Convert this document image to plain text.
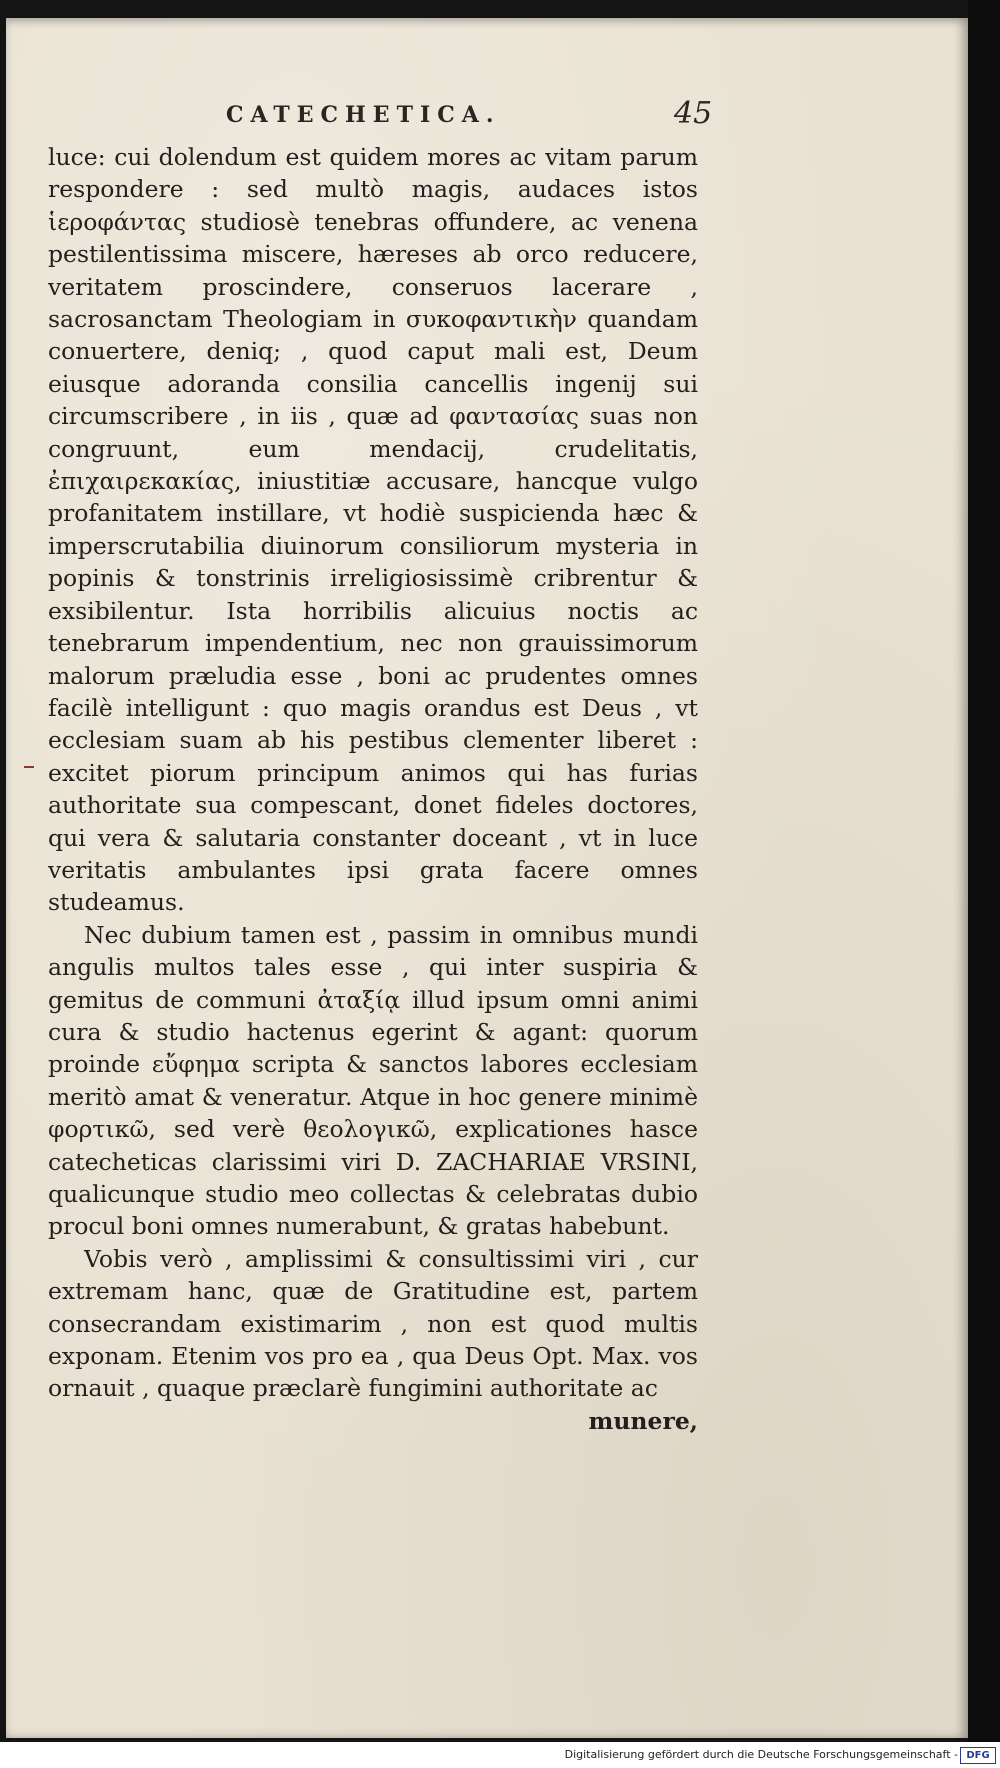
CATECHETICA.	45

luce: cui dolendum est quidem mores ac vitam parum respondere : sed multò magis, audaces istos ἱεροφάντας studiosè tenebras offundere, ac venena pestilentissima miscere, hæreses ab orco reducere, veritatem proscindere, conseruos lacerare , sacrosanctam Theologiam in συκοφαντικὴν quandam conuertere, deniq; , quod caput mali est, Deum eiusque adoranda consilia cancellis ingenij sui circumscribere , in iis , quæ ad φαντασίας suas non congruunt, eum mendacij, crudelitatis, ἐπιχαιρεκακίας, iniustitiæ accusare, hancque vulgo profanitatem instillare, vt hodiè suspicienda hæc & imperscrutabilia diuinorum consiliorum mysteria in popinis & tonstrinis irreligiosissimè cribrentur & exsibilentur. Ista horribilis alicuius noctis ac tenebrarum impendentium, nec non grauissimorum malorum præludia esse , boni ac prudentes omnes facilè intelligunt : quo magis orandus est Deus , vt ecclesiam suam ab his pestibus clementer liberet : excitet piorum principum animos qui has furias authoritate sua compescant, donet fideles doctores, qui vera & salutaria constanter doceant , vt in luce veritatis ambulantes ipsi grata facere omnes studeamus.

Nec dubium tamen est , passim in omnibus mundi angulis multos tales esse , qui inter suspiria & gemitus de communi ἀταξίᾳ illud ipsum omni animi cura & studio hactenus egerint & agant: quorum proinde εὔφημα scripta & sanctos labores ecclesiam meritò amat & veneratur. Atque in hoc genere minimè φορτικῶ, sed verè θεολογικῶ, explicationes hasce catecheticas clarissimi viri D. ZACHARIAE VRSINI, qualicunque studio meo collectas & celebratas dubio procul boni omnes numerabunt, & gratas habebunt.

Vobis verò , amplissimi & consultissimi viri , cur extremam hanc, quæ de Gratitudine est, partem consecrandam existimarim , non est quod multis exponam. Etenim vos pro ea , qua Deus Opt. Max. vos ornauit , quaque præclarè fungimini authoritate ac

munere,

Digitalisierung gefördert durch die Deutsche Forschungsgemeinschaft - DFG
